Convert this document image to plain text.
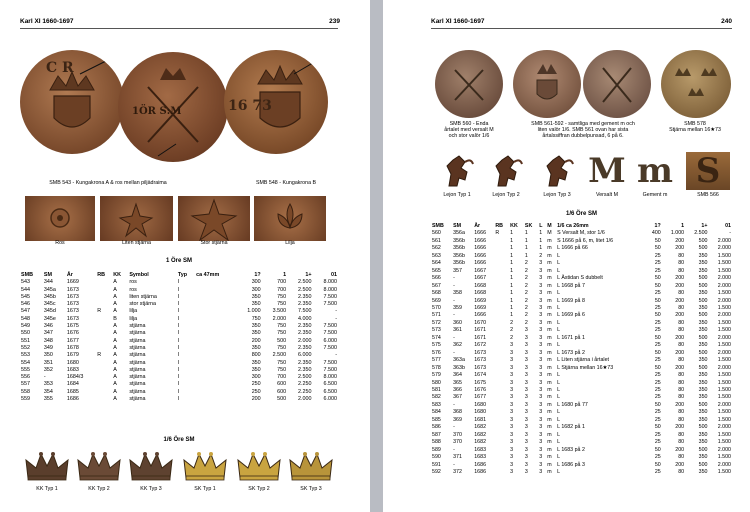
Karl XI 1660-1697	239
C R
1ÖR S:M	16 73
SMB 543 - Kungakrona A & ros mellan piljädraima	SMB 548 - Kungakrona B
Ros	Liten stjärna	Stor stjärna	Lilja
1 Öre SM
SMB	SM	År	RB	KK	Symbol	Typ	ca 47mm	1?	1	1+	01
543	344	1669		A	ros	I		300	700	2.500	8.000
544	345a	1673		A	ros	I		300	700	2.500	8.000
545	345b	1673		A	liten stjärna	I		350	750	2.350	7.500
546	345c	1673		A	stor stjärna	I		350	750	2.350	7.500
547	345d	1673	R	A	lilja	I		1.000	3.500	7.500	-
548	345e	1673		B	lilja	I		750	2.000	4.000	-
549	346	1675		A	stjärna	I		350	750	2.350	7.500
550	347	1676		A	stjärna	I		350	750	2.350	7.500
551	348	1677		A	stjärna	I		200	500	2.000	6.000
552	349	1678		A	stjärna	I		350	750	2.350	7.500
553	350	1679	R	A	stjärna	I		800	2.500	6.000	-
554	351	1680		A	stjärna	I		350	750	2.350	7.500
555	352	1683		A	stjärna	I		350	750	2.350	7.500
556	-	1684/3		A	stjärna	I		300	700	2.500	8.000
557	353	1684		A	stjärna	I		250	600	2.250	6.500
558	354	1685		A	stjärna	I		250	600	2.250	6.500
559	355	1686		A	stjärna	I		200	500	2.000	6.000
1/6 Öre SM
KK Typ 1	KK Typ 2	KK Typ 3	SK Typ 1	SK Typ 2	SK Typ 3
Karl XI 1660-1697	240
SMB 560 - Enda
årtalet med versalt M
och stor valör 1/6
SMB 561-592 - samtliga med gement m och
liten valör 1/6. SMB 561 ovan har sista
årtalssiffran dubbelpunsad, 6 på 6.
SMB 578
Stjärna mellan 16★73
Lejon Typ 1	Lejon Typ 2	Lejon Typ 3
M
Versalt M
m
Gement m
S
SMB 566
1/6 Öre SM
SMB	SM	År	RB	KK	SK	L	M	1/6 ca 26mm	1?	1	1+	01
560	356a	1666	R	1	1	1	M	S Versalt M, stor 1/6	400	1.000	2.500	-
561	356b	1666		1	1	1	m	S 1666 på 6, m, litet 1/6	50	200	500	2.000
562	356b	1666		1	1	1	m	L 1666 på 66	50	200	500	2.000
563	356b	1666		1	1	2	m	L	25	80	350	1.500
564	356b	1666		1	2	3	m	L	25	80	350	1.500
565	357	1667		1	2	3	m	L	25	80	350	1.500
566	-	1667		1	2	3	m	L Ästidan S dubbelt	50	200	500	2.000
567	-	1668		1	2	3	m	L 1668 på 7	50	200	500	2.000
568	358	1668		1	2	3	m	L	25	80	350	1.500
569	-	1669		1	2	3	m	L 1669 på 8	50	200	500	2.000
570	359	1669		1	2	3	m	L	25	80	350	1.500
571	-	1666		1	2	3	m	L 1669 på 6	50	200	500	2.000
572	360	1670		2	2	3	m	L	25	80	350	1.500
573	361	1671		2	3	3	m	L	25	80	350	1.500
574	-	1671		2	3	3	m	L 1671 på 1	50	200	500	2.000
575	362	1672		3	3	3	m	L	25	80	350	1.500
576	-	1673		3	3	3	m	L 1673 på 2	50	200	500	2.000
577	363a	1673		3	3	3	m	L Liten stjärna i årtalet	25	80	350	1.500
578	363b	1673		3	3	3	m	L Stjärna mellan 16★73	50	200	500	2.000
579	364	1674		3	3	3	m	L	25	80	350	1.500
580	365	1675		3	3	3	m	L	25	80	350	1.500
581	366	1676		3	3	3	m	L	25	80	350	1.500
582	367	1677		3	3	3	m	L	25	80	350	1.500
583	-	1680		3	3	3	m	L 1680 på 77	50	200	500	2.000
584	368	1680		3	3	3	m	L	25	80	350	1.500
585	369	1681		3	3	3	m	L	25	80	350	1.500
586	-	1682		3	3	3	m	L 1682 på 1	50	200	500	2.000
587	370	1682		3	3	3	m	L	25	80	350	1.500
588	370	1682		3	3	3	m	L	25	80	350	1.500
589	-	1683		3	3	3	m	L 1683 på 2	50	200	500	2.000
590	371	1683		3	3	3	m	L	25	80	350	1.500
591	-	1686		3	3	3	m	L 1686 på 3	50	200	500	2.000
592	372	1686		3	3	3	m	L	25	80	350	1.500
